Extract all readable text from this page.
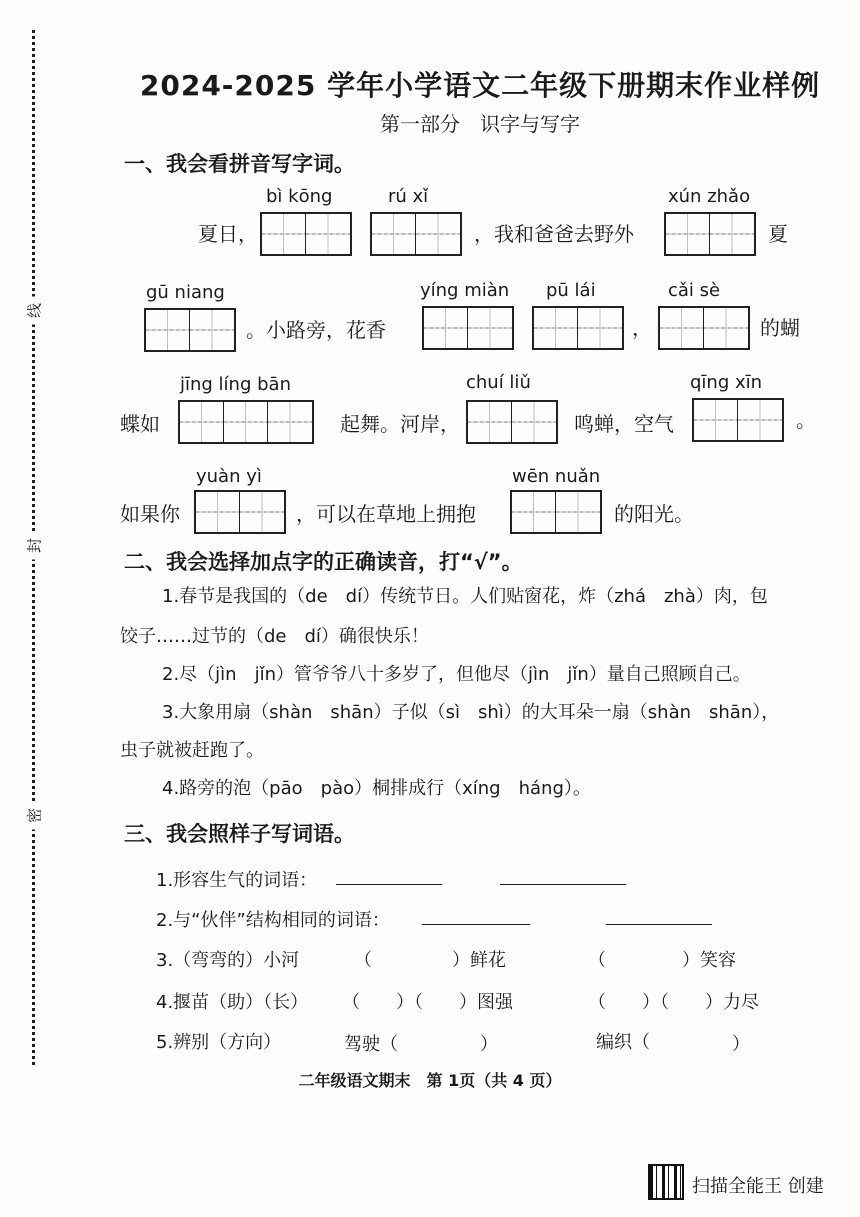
线
封
密
2024-2025 学年小学语文二年级下册期末作业样例
第一部分　识字与写字
一、我会看拼音写字词。
bì kōng	rú xǐ	xún zhǎo
夏日，	，我和爸爸去野外	夏
gū niang	yíng miàn pū lái	cǎi sè
。小路旁，花香	，	的蝴
jīng líng bān	chuí liǔ	qīng xīn
蝶如	起舞。河岸，	鸣蝉，空气	。
yuàn yì	wēn nuǎn
如果你	，可以在草地上拥抱	的阳光。
二、我会选择加点字的正确读音，打“√”。
1.春节是我国的（de　dí）传统节日。人们贴窗花，炸（zhá　zhà）肉，包
饺子……过节的（de　dí）确很快乐！
2.尽（jìn　jǐn）管爷爷八十多岁了，但他尽（jìn　jǐn）量自己照顾自己。
3.大象用扇（shàn　shān）子似（sì　shì）的大耳朵一扇（shàn　shān），
虫子就被赶跑了。
4.路旁的泡（pāo　pào）桐排成行（xíng　háng）。
三、我会照样子写词语。
1.形容生气的词语：
2.与“伙伴”结构相同的词语：
3.（弯弯的）小河	（	）鲜花	（	）笑容
4.揠苗（助）（长） （　　）（　　）图强	（　　）（　　）力尽
5.辨别（方向）	驾驶（	）	编织（	）
二年级语文期末　第 1页（共 4 页）
扫描全能王 创建
